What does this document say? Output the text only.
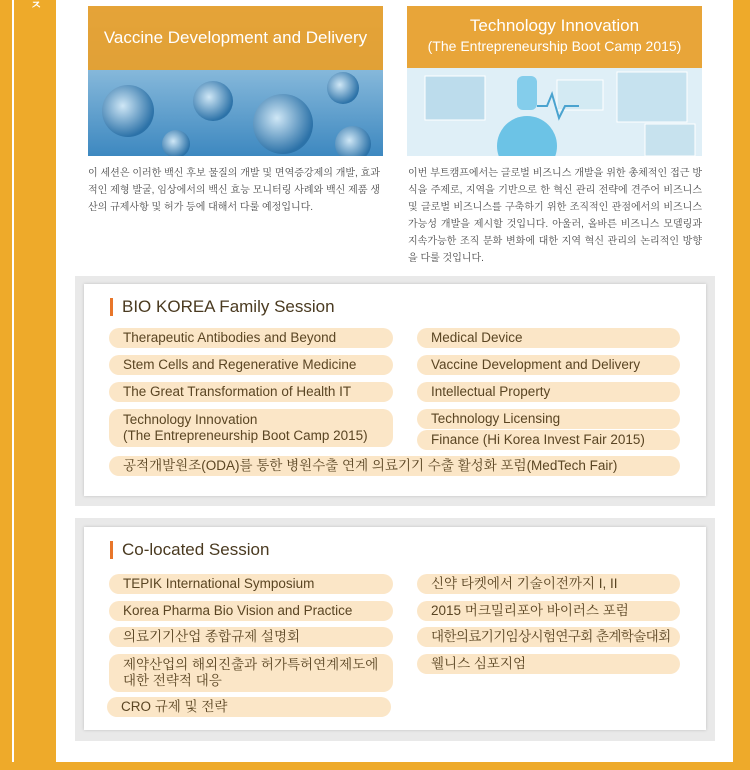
ㅈ
Vaccine Development and Delivery
Technology Innovation
(The Entrepreneurship Boot Camp 2015)
이 세션은 이러한 백신 후보 물질의 개발 및 면역증강제의 개발, 효과적인 제형 발굴, 임상에서의 백신 효능 모니터링 사례와 백신 제품 생산의 규제사항 및 허가 등에 대해서 다룰 예정입니다.
이번 부트캠프에서는 글로벌 비즈니스 개발을 위한 총체적인 접근 방식을 주제로, 지역을 기반으로 한 혁신 관리 전략에 견주어 비즈니스 및 글로벌 비즈니스를 구축하기 위한 조직적인 관점에서의 비즈니스 가능성 개발을 제시할 것입니다. 아울러, 올바른 비즈니스 모델링과 지속가능한 조직 문화 변화에 대한 지역 혁신 관리의 논리적인 방향을 다룰 것입니다.
BIO KOREA Family Session
Therapeutic Antibodies and Beyond	Medical Device
Stem Cells and Regenerative Medicine	Vaccine Development and Delivery
The Great Transformation of Health IT	Intellectual Property
Technology Innovation
(The Entrepreneurship Boot Camp 2015)
Technology Licensing
Finance (Hi Korea Invest Fair 2015)
공적개발원조(ODA)를 통한 병원수출 연계 의료기기 수출 활성화 포럼(MedTech Fair)
Co-located Session
TEPIK International Symposium	신약 타켓에서 기술이전까지 I, II
Korea Pharma Bio Vision and Practice	2015 머크밀리포아 바이러스 포럼
의료기기산업 종합규제 설명회	대한의료기기임상시험연구회 춘계학술대회
제약산업의 해외진출과 허가특허연계제도에
대한 전략적 대응
웰니스 심포지엄
CRO 규제 및 전략
